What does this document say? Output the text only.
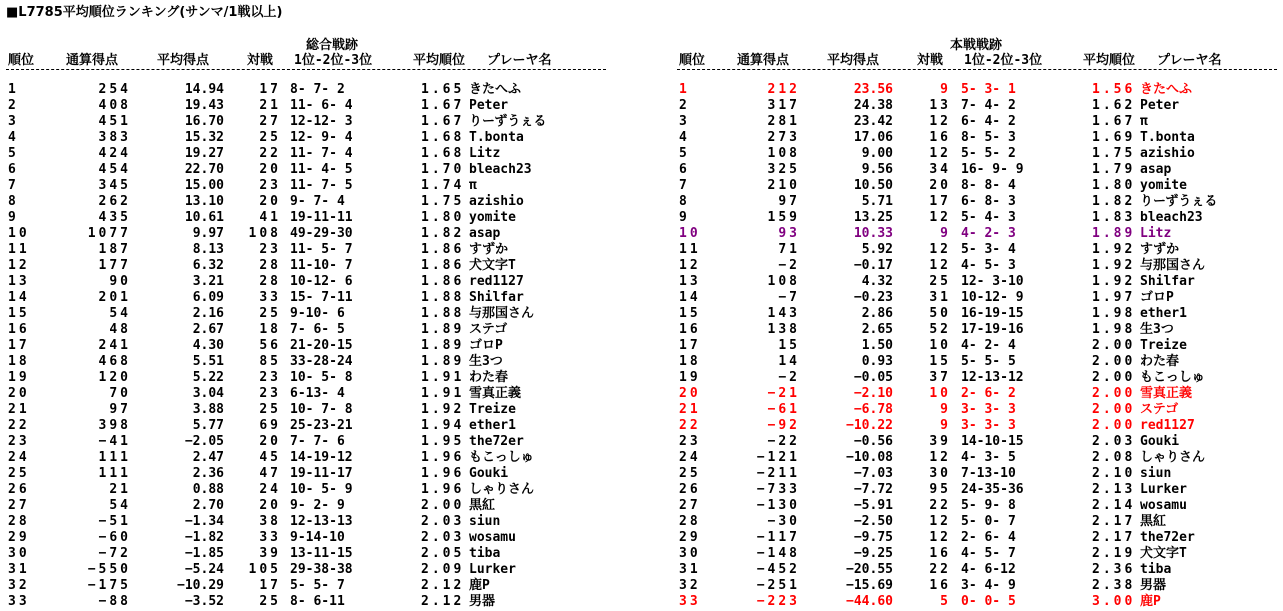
■L7785平均順位ランキング(サンマ/1戦以上)
総合戦跡
順位 通算得点	平均得点	対戦 1位-2位-3位	平均順位 プレーヤ名
1	254	14.94	17 8- 7- 2	1.65 きたへふ
2	408	19.43	21 11- 6- 4	1.67 Peter
3	451	16.70	27 12-12- 3	1.67 りーずうぇる
4	383	15.32	25 12- 9- 4	1.68 T.bonta
5	424	19.27	22 11- 7- 4	1.68 Litz
6	454	22.70	20 11- 4- 5	1.70 bleach23
7	345	15.00	23 11- 7- 5	1.74 π
8	262	13.10	20 9- 7- 4	1.75 azishio
9	435	10.61	41 19-11-11	1.80 yomite
10	1077	9.97 108 49-29-30	1.82 asap
11	187	8.13	23 11- 5- 7	1.86 すずか
12	177	6.32	28 11-10- 7	1.86 犬文字T
13	90	3.21	28 10-12- 6	1.86 red1127
14	201	6.09	33 15- 7-11	1.88 Shilfar
15	54	2.16	25 9-10- 6	1.88 与那国さん
16	48	2.67	18 7- 6- 5	1.89 ステゴ
17	241	4.30	56 21-20-15	1.89 ゴロP
18	468	5.51	85 33-28-24	1.89 生3つ
19	120	5.22	23 10- 5- 8	1.91 わた春
20	70	3.04	23 6-13- 4	1.91 雪真正義
21	97	3.88	25 10- 7- 8	1.92 Treize
22	398	5.77	69 25-23-21	1.94 ether1
23	−41	−2.05	20 7- 7- 6	1.95 the72er
24	111	2.47	45 14-19-12	1.96 もこっしゅ
25	111	2.36	47 19-11-17	1.96 Gouki
26	21	0.88	24 10- 5- 9	1.96 しゃりさん
27	54	2.70	20 9- 2- 9	2.00 黒紅
28	−51	−1.34	38 12-13-13	2.03 siun
29	−60	−1.82	33 9-14-10	2.03 wosamu
30	−72	−1.85	39 13-11-15	2.05 tiba
31	−550	−5.24 105 29-38-38	2.09 Lurker
32	−175	−10.29	17 5- 5- 7	2.12 鹿P
33	−88	−3.52	25 8- 6-11	2.12 男器
本戦戦跡
順位 通算得点	平均得点	対戦 1位-2位-3位	平均順位 プレーヤ名
1	212	23.56	9 5- 3- 1	1.56 きたへふ
2	317	24.38	13 7- 4- 2	1.62 Peter
3	281	23.42	12 6- 4- 2	1.67 π
4	273	17.06	16 8- 5- 3	1.69 T.bonta
5	108	9.00	12 5- 5- 2	1.75 azishio
6	325	9.56	34 16- 9- 9	1.79 asap
7	210	10.50	20 8- 8- 4	1.80 yomite
8	97	5.71	17 6- 8- 3	1.82 りーずうぇる
9	159	13.25	12 5- 4- 3	1.83 bleach23
10	93	10.33	9 4- 2- 3	1.89 Litz
11	71	5.92	12 5- 3- 4	1.92 すずか
12	−2	−0.17	12 4- 5- 3	1.92 与那国さん
13	108	4.32	25 12- 3-10	1.92 Shilfar
14	−7	−0.23	31 10-12- 9	1.97 ゴロP
15	143	2.86	50 16-19-15	1.98 ether1
16	138	2.65	52 17-19-16	1.98 生3つ
17	15	1.50	10 4- 2- 4	2.00 Treize
18	14	0.93	15 5- 5- 5	2.00 わた春
19	−2	−0.05	37 12-13-12	2.00 もこっしゅ
20	−21	−2.10	10 2- 6- 2	2.00 雪真正義
21	−61	−6.78	9 3- 3- 3	2.00 ステゴ
22	−92	−10.22	9 3- 3- 3	2.00 red1127
23	−22	−0.56	39 14-10-15	2.03 Gouki
24	−121	−10.08	12 4- 3- 5	2.08 しゃりさん
25	−211	−7.03	30 7-13-10	2.10 siun
26	−733	−7.72	95 24-35-36	2.13 Lurker
27	−130	−5.91	22 5- 9- 8	2.14 wosamu
28	−30	−2.50	12 5- 0- 7	2.17 黒紅
29	−117	−9.75	12 2- 6- 4	2.17 the72er
30	−148	−9.25	16 4- 5- 7	2.19 犬文字T
31	−452	−20.55	22 4- 6-12	2.36 tiba
32	−251	−15.69	16 3- 4- 9	2.38 男器
33	−223	−44.60	5 0- 0- 5	3.00 鹿P
